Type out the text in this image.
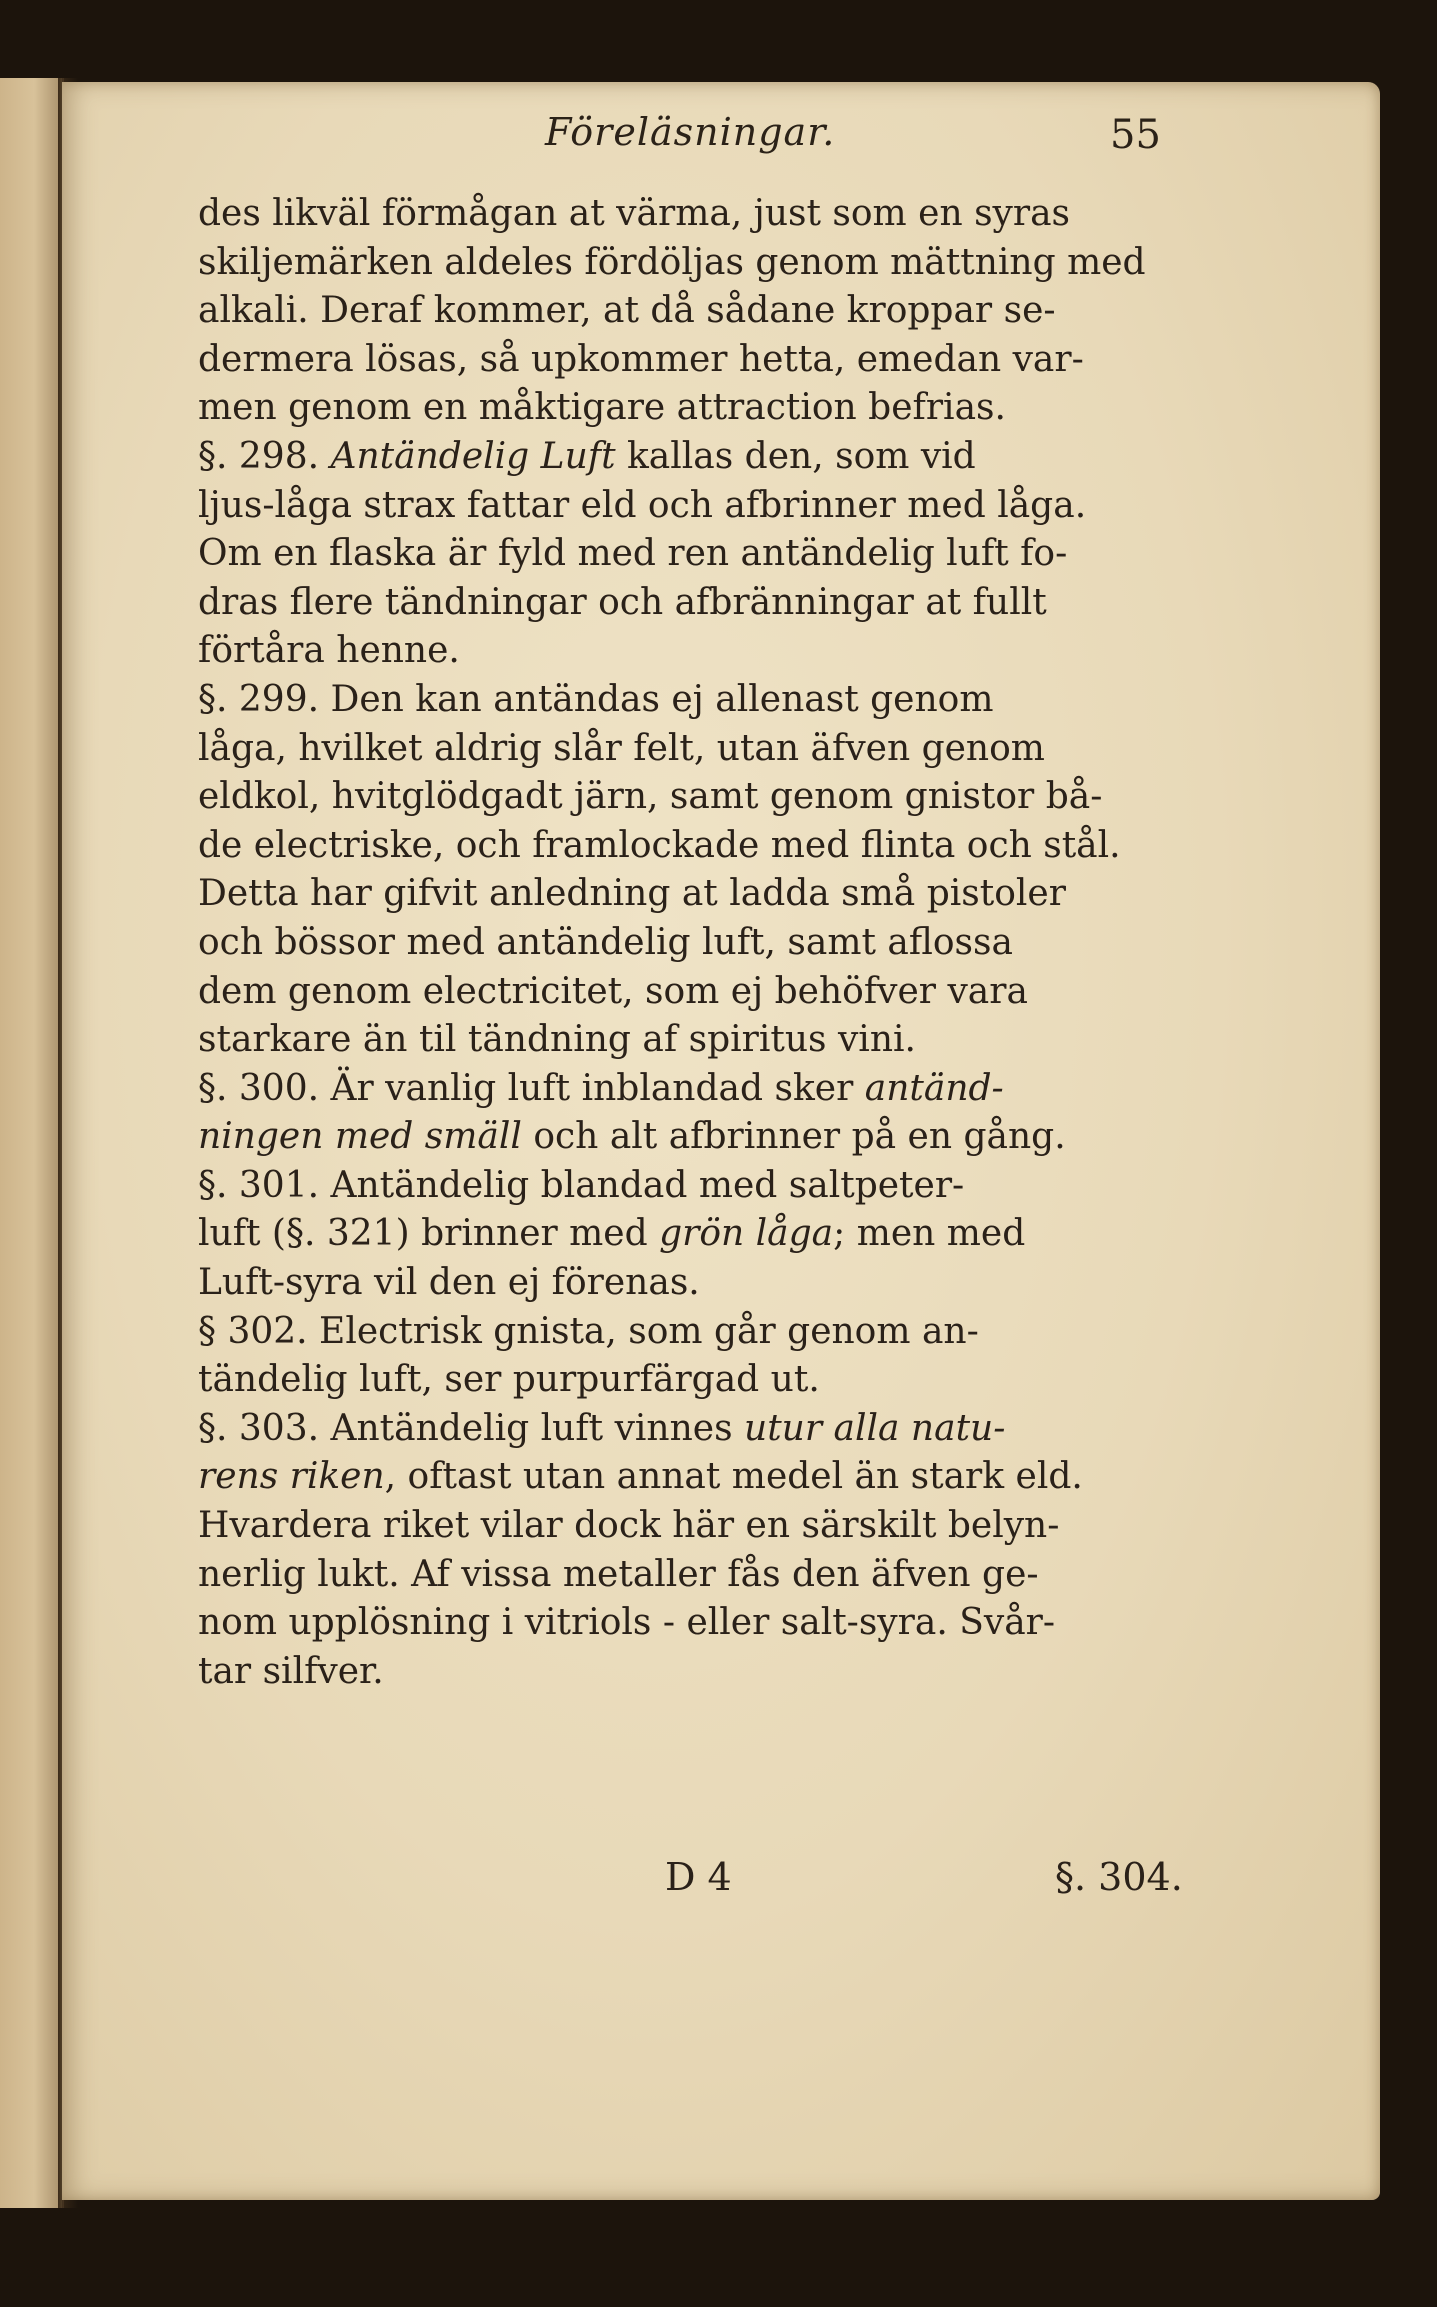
Föreläsningar.	55
des likväl förmågan at värma, just som en syras
skiljemärken aldeles fördöljas genom mättning med
alkali. Deraf kommer, at då sådane kroppar se-
dermera lösas, så upkommer hetta, emedan var-
men genom en måktigare attraction befrias.
§. 298. Antändelig Luft kallas den, som vid
ljus-låga strax fattar eld och afbrinner med låga.
Om en flaska är fyld med ren antändelig luft fo-
dras flere tändningar och afbränningar at fullt
förtåra henne.
§. 299. Den kan antändas ej allenast genom
låga, hvilket aldrig slår felt, utan äfven genom
eldkol, hvitglödgadt järn, samt genom gnistor bå-
de electriske, och framlockade med flinta och stål.
Detta har gifvit anledning at ladda små pistoler
och bössor med antändelig luft, samt aflossa
dem genom electricitet, som ej behöfver vara
starkare än til tändning af spiritus vini.
§. 300. Är vanlig luft inblandad sker antänd-
ningen med smäll och alt afbrinner på en gång.
§. 301. Antändelig blandad med saltpeter-
luft (§. 321) brinner med grön låga; men med
Luft-syra vil den ej förenas.
§ 302. Electrisk gnista, som går genom an-
tändelig luft, ser purpurfärgad ut.
§. 303. Antändelig luft vinnes utur alla natu-
rens riken, oftast utan annat medel än stark eld.
Hvardera riket vilar dock här en särskilt belyn-
nerlig lukt. Af vissa metaller fås den äfven ge-
nom upplösning i vitriols - eller salt-syra. Svår-
tar silfver.
D 4	§. 304.
